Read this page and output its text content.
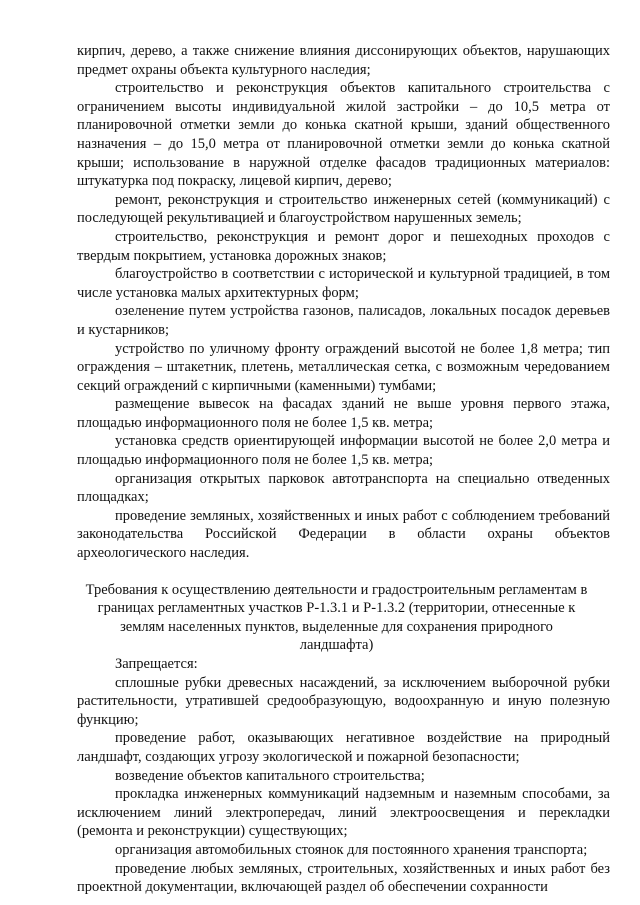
кирпич, дерево, а также снижение влияния диссонирующих объектов, нарушающих предмет охраны объекта культурного наследия;

строительство и реконструкция объектов капитального строительства с ограничением высоты индивидуальной жилой застройки – до 10,5 метра от планировочной отметки земли до конька скатной крыши, зданий общественного назначения – до 15,0 метра от планировочной отметки земли до конька скатной крыши; использование в наружной отделке фасадов традиционных материалов: штукатурка под покраску, лицевой кирпич, дерево;

ремонт, реконструкция и строительство инженерных сетей (коммуникаций) с последующей рекультивацией и благоустройством нарушенных земель;

строительство, реконструкция и ремонт дорог и пешеходных проходов с твердым покрытием, установка дорожных знаков;

благоустройство в соответствии с исторической и культурной традицией, в том числе установка малых архитектурных форм;

озеленение путем устройства газонов, палисадов, локальных посадок деревьев и кустарников;

устройство по уличному фронту ограждений высотой не более 1,8 метра; тип ограждения – штакетник, плетень, металлическая сетка, с возможным чередованием секций ограждений с кирпичными (каменными) тумбами;

размещение вывесок на фасадах зданий не выше уровня первого этажа, площадью информационного поля не более 1,5 кв. метра;

установка средств ориентирующей информации высотой не более 2,0 метра и площадью информационного поля не более 1,5 кв. метра;

организация открытых парковок автотранспорта на специально отведенных площадках;

проведение земляных, хозяйственных и иных работ с соблюдением требований законодательства Российской Федерации в области охраны объектов археологического наследия.

Требования к осуществлению деятельности и градостроительным регламентам в границах регламентных участков Р-1.3.1 и Р-1.3.2 (территории, отнесенные к землям населенных пунктов, выделенные для сохранения природного ландшафта)

Запрещается:

сплошные рубки древесных насаждений, за исключением выборочной рубки растительности, утратившей средообразующую, водоохранную и иную полезную функцию;

проведение работ, оказывающих негативное воздействие на природный ландшафт, создающих угрозу экологической и пожарной безопасности;

возведение объектов капитального строительства;

прокладка инженерных коммуникаций надземным и наземным способами, за исключением линий электропередач, линий электроосвещения и перекладки (ремонта и реконструкции) существующих;

организация автомобильных стоянок для постоянного хранения транспорта;

проведение любых земляных, строительных, хозяйственных и иных работ без проектной документации, включающей раздел об обеспечении сохранности
